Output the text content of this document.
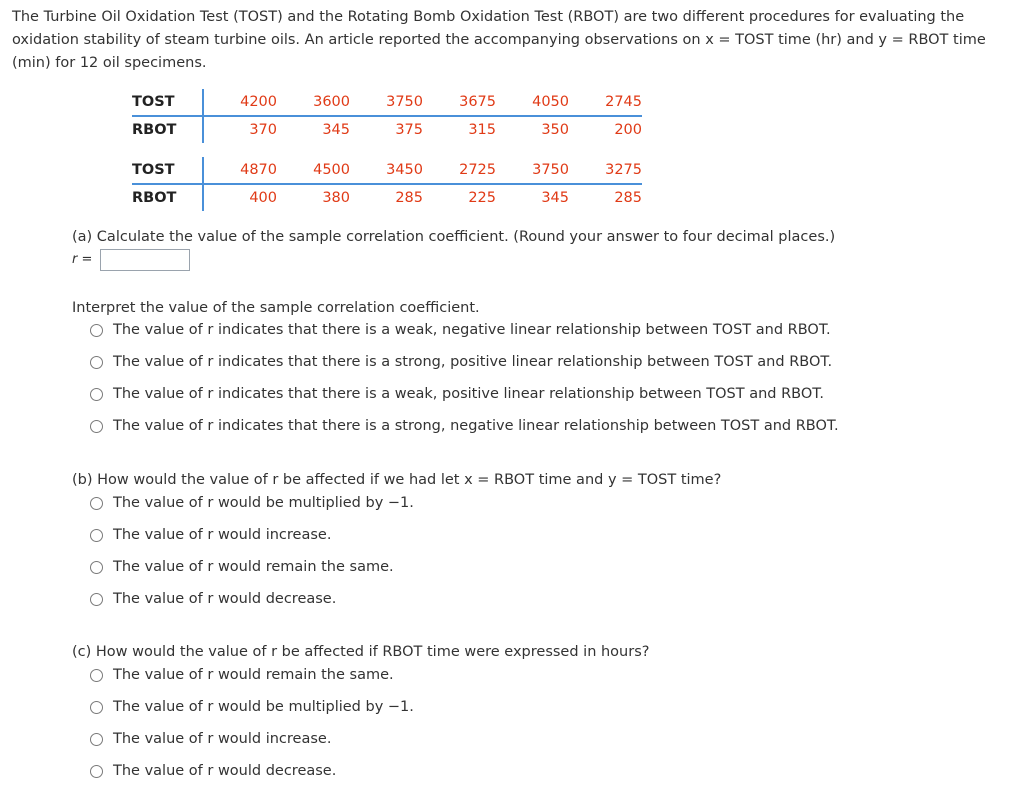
The Turbine Oil Oxidation Test (TOST) and the Rotating Bomb Oxidation Test (RBOT) are two different procedures for evaluating the
oxidation stability of steam turbine oils. An article reported the accompanying observations on x = TOST time (hr) and y = RBOT time
(min) for 12 oil specimens.
TOST	4200	3600	3750	3675	4050	2745
RBOT	370	345	375	315	350	200
TOST	4870	4500	3450	2725	3750	3275
RBOT	400	380	285	225	345	285
(a) Calculate the value of the sample correlation coefficient. (Round your answer to four decimal places.)
r =
Interpret the value of the sample correlation coefficient.
The value of r indicates that there is a weak, negative linear relationship between TOST and RBOT.
The value of r indicates that there is a strong, positive linear relationship between TOST and RBOT.
The value of r indicates that there is a weak, positive linear relationship between TOST and RBOT.
The value of r indicates that there is a strong, negative linear relationship between TOST and RBOT.
(b) How would the value of r be affected if we had let x = RBOT time and y = TOST time?
The value of r would be multiplied by −1.
The value of r would increase.
The value of r would remain the same.
The value of r would decrease.
(c) How would the value of r be affected if RBOT time were expressed in hours?
The value of r would remain the same.
The value of r would be multiplied by −1.
The value of r would increase.
The value of r would decrease.
